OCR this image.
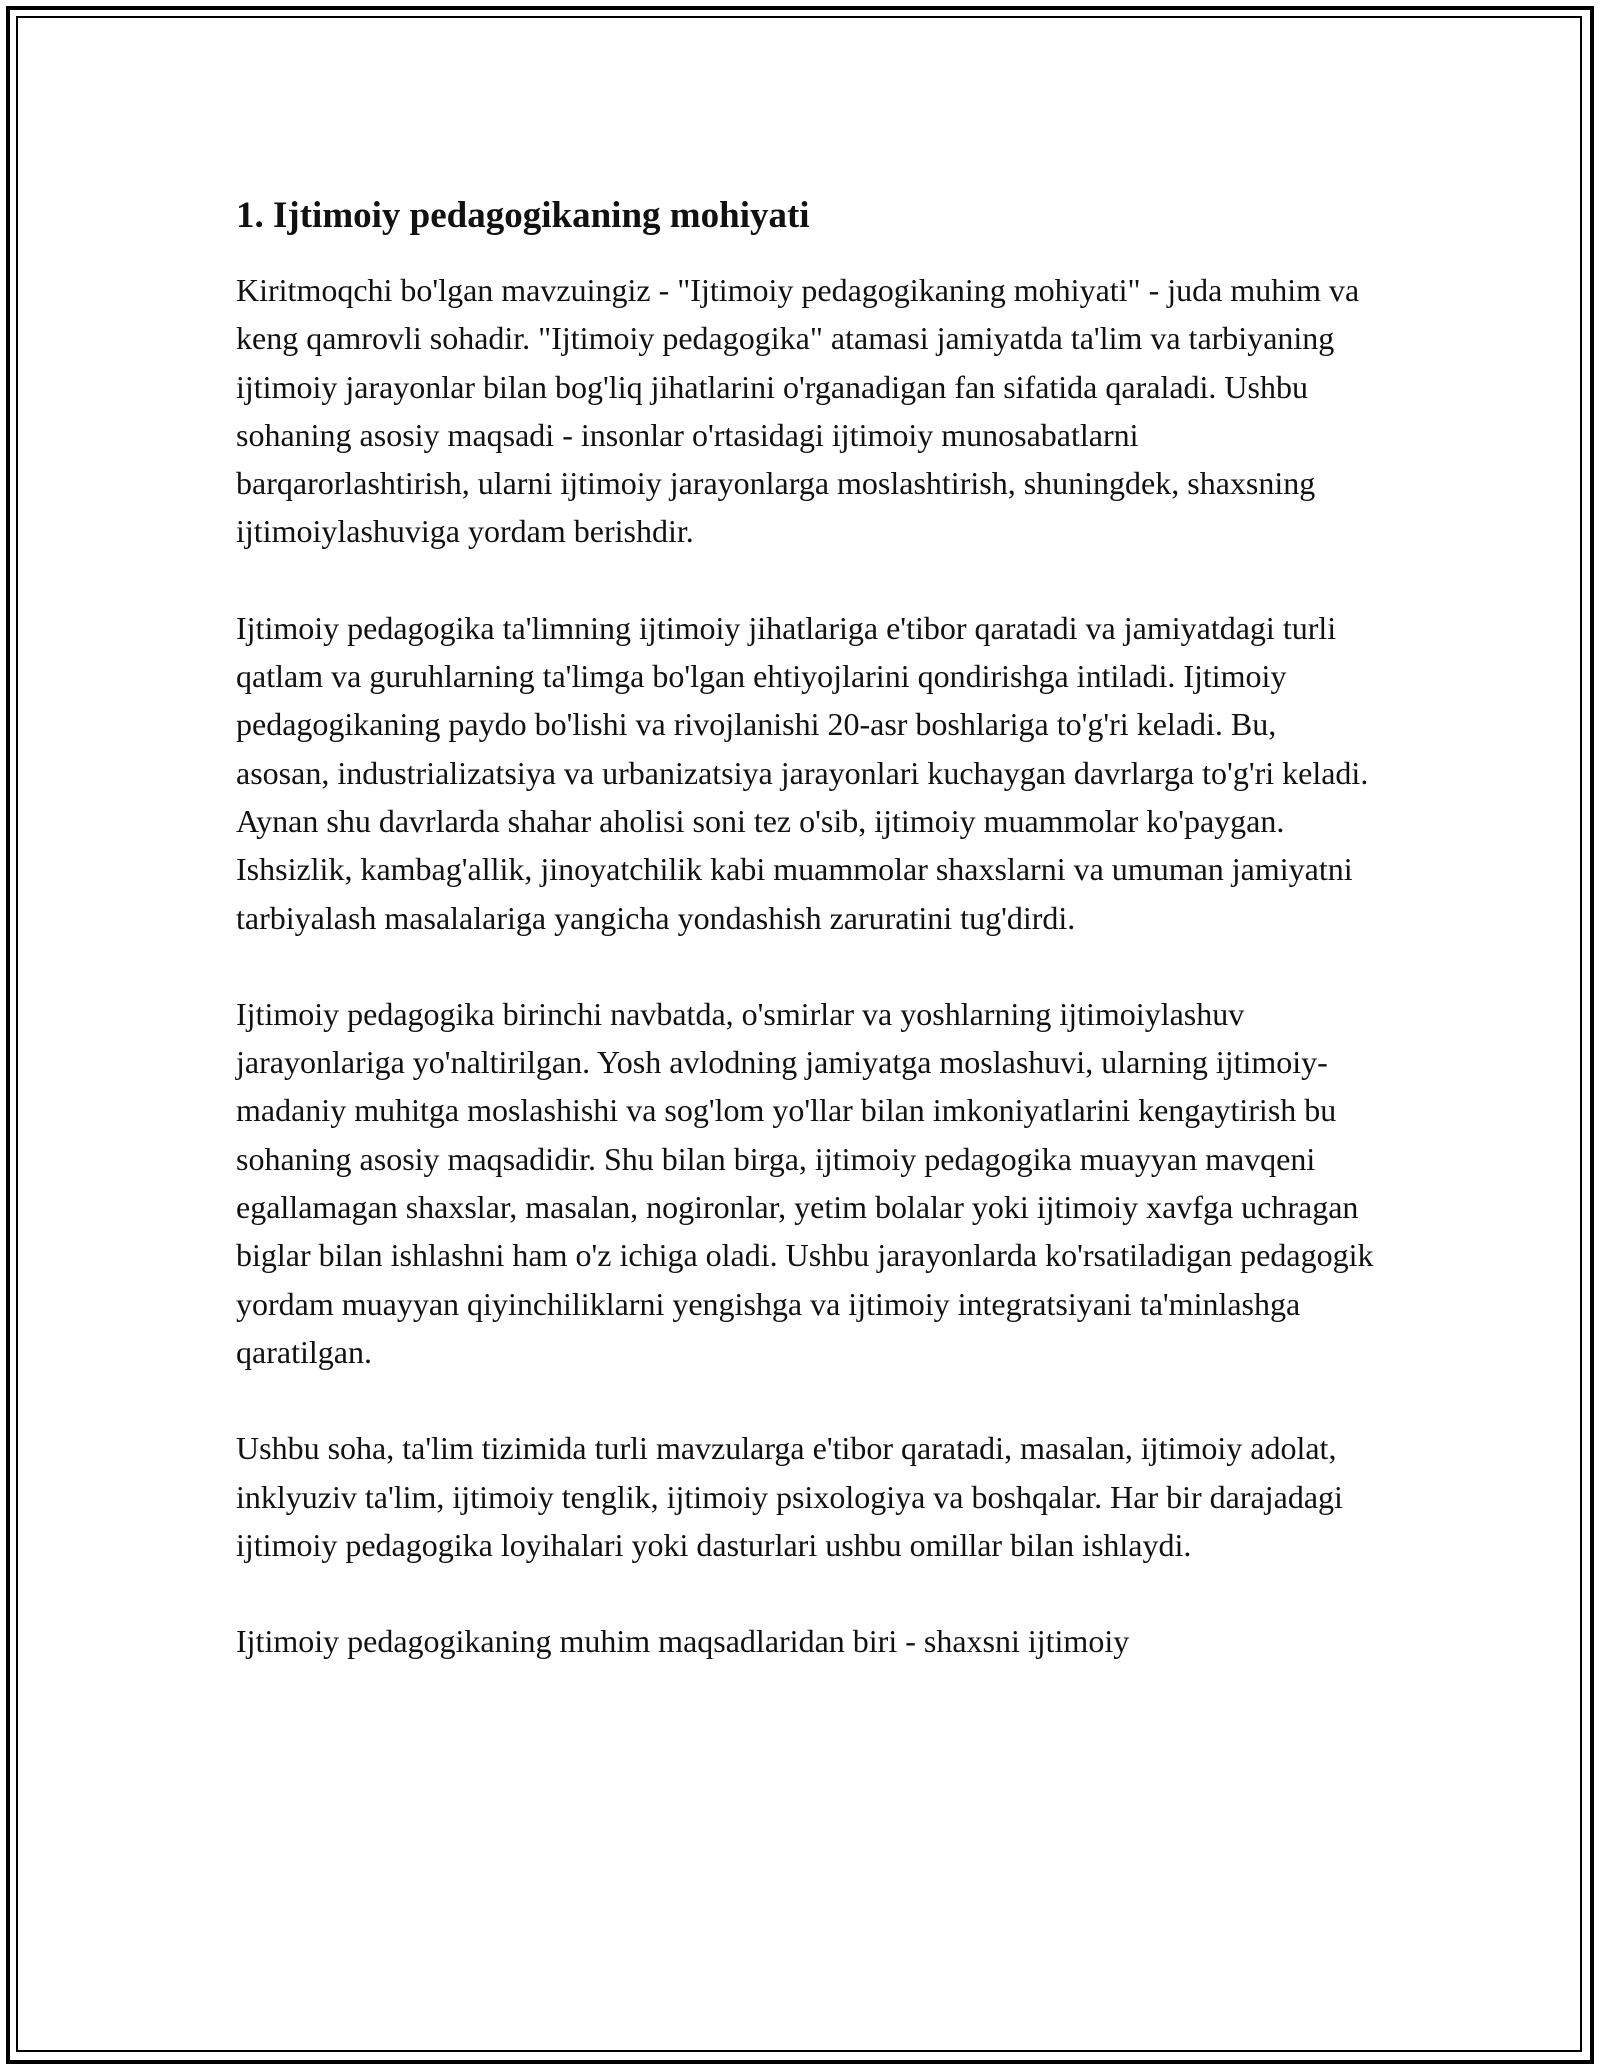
1. Ijtimoiy pedagogikaning mohiyati

Kiritmoqchi bo'lgan mavzuingiz - "Ijtimoiy pedagogikaning mohiyati" - juda muhim va keng qamrovli sohadir. "Ijtimoiy pedagogika" atamasi jamiyatda ta'lim va tarbiyaning ijtimoiy jarayonlar bilan bog'liq jihatlarini o'rganadigan fan sifatida qaraladi. Ushbu sohaning asosiy maqsadi - insonlar o'rtasidagi ijtimoiy munosabatlarni barqarorlashtirish, ularni ijtimoiy jarayonlarga moslashtirish, shuningdek, shaxsning ijtimoiylashuviga yordam berishdir.

Ijtimoiy pedagogika ta'limning ijtimoiy jihatlariga e'tibor qaratadi va jamiyatdagi turli qatlam va guruhlarning ta'limga bo'lgan ehtiyojlarini qondirishga intiladi. Ijtimoiy pedagogikaning paydo bo'lishi va rivojlanishi 20-asr boshlariga to'g'ri keladi. Bu, asosan, industrializatsiya va urbanizatsiya jarayonlari kuchaygan davrlarga to'g'ri keladi. Aynan shu davrlarda shahar aholisi soni tez o'sib, ijtimoiy muammolar ko'paygan. Ishsizlik, kambag'allik, jinoyatchilik kabi muammolar shaxslarni va umuman jamiyatni tarbiyalash masalalariga yangicha yondashish zaruratini tug'dirdi.

Ijtimoiy pedagogika birinchi navbatda, o'smirlar va yoshlarning ijtimoiylashuv jarayonlariga yo'naltirilgan. Yosh avlodning jamiyatga moslashuvi, ularning ijtimoiy-madaniy muhitga moslashishi va sog'lom yo'llar bilan imkoniyatlarini kengaytirish bu sohaning asosiy maqsadidir. Shu bilan birga, ijtimoiy pedagogika muayyan mavqeni egallamagan shaxslar, masalan, nogironlar, yetim bolalar yoki ijtimoiy xavfga uchragan biglar bilan ishlashni ham o'z ichiga oladi. Ushbu jarayonlarda ko'rsatiladigan pedagogik yordam muayyan qiyinchiliklarni yengishga va ijtimoiy integratsiyani ta'minlashga qaratilgan.

Ushbu soha, ta'lim tizimida turli mavzularga e'tibor qaratadi, masalan, ijtimoiy adolat, inklyuziv ta'lim, ijtimoiy tenglik, ijtimoiy psixologiya va boshqalar. Har bir darajadagi ijtimoiy pedagogika loyihalari yoki dasturlari ushbu omillar bilan ishlaydi.

Ijtimoiy pedagogikaning muhim maqsadlaridan biri - shaxsni ijtimoiy
